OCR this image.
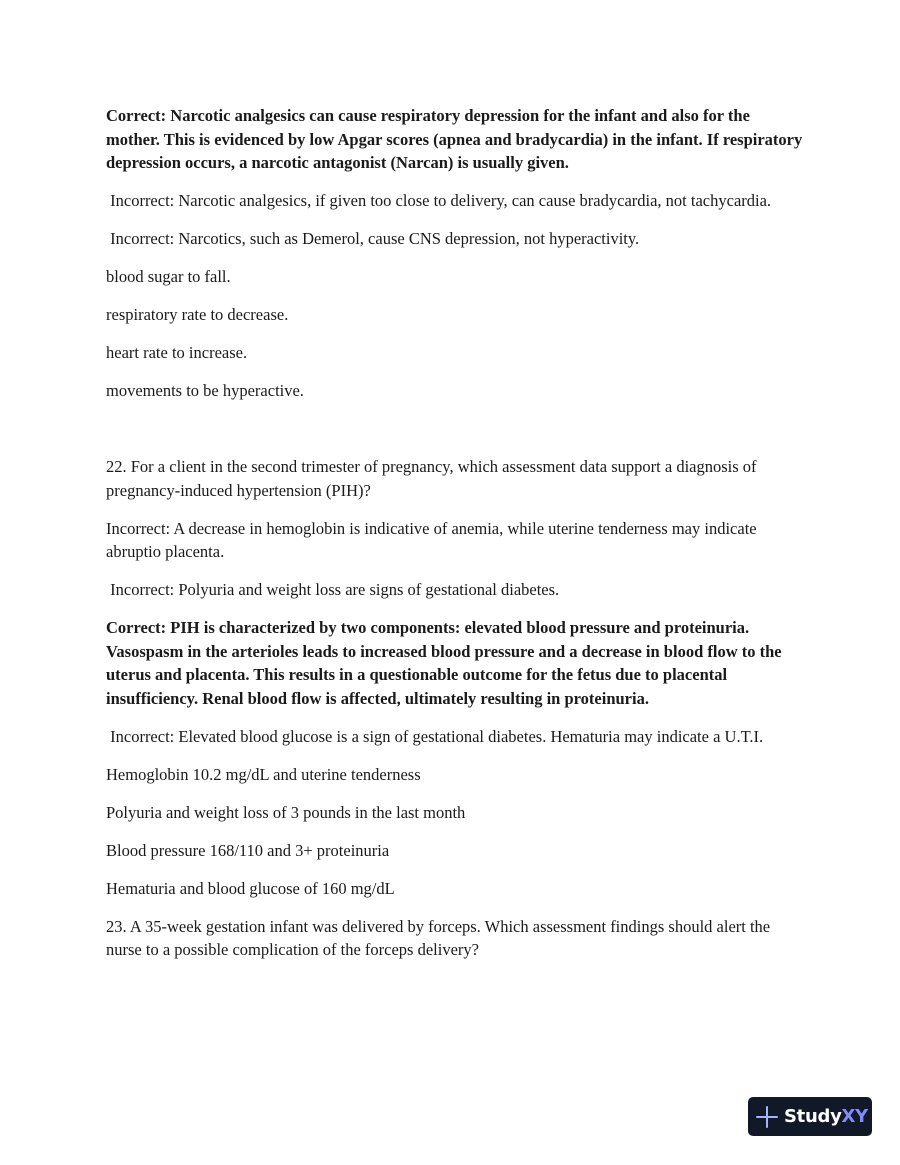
Correct: Narcotic analgesics can cause respiratory depression for the infant and also for the mother. This is evidenced by low Apgar scores (apnea and bradycardia) in the infant. If respiratory depression occurs, a narcotic antagonist (Narcan) is usually given.

Incorrect: Narcotic analgesics, if given too close to delivery, can cause bradycardia, not tachycardia.

Incorrect: Narcotics, such as Demerol, cause CNS depression, not hyperactivity.

blood sugar to fall.

respiratory rate to decrease.

heart rate to increase.

movements to be hyperactive.

22. For a client in the second trimester of pregnancy, which assessment data support a diagnosis of pregnancy-induced hypertension (PIH)?

Incorrect: A decrease in hemoglobin is indicative of anemia, while uterine tenderness may indicate abruptio placenta.

Incorrect: Polyuria and weight loss are signs of gestational diabetes.

Correct: PIH is characterized by two components: elevated blood pressure and proteinuria. Vasospasm in the arterioles leads to increased blood pressure and a decrease in blood flow to the uterus and placenta. This results in a questionable outcome for the fetus due to placental insufficiency. Renal blood flow is affected, ultimately resulting in proteinuria.

Incorrect: Elevated blood glucose is a sign of gestational diabetes. Hematuria may indicate a U.T.I.

Hemoglobin 10.2 mg/dL and uterine tenderness

Polyuria and weight loss of 3 pounds in the last month

Blood pressure 168/110 and 3+ proteinuria

Hematuria and blood glucose of 160 mg/dL

23. A 35-week gestation infant was delivered by forceps. Which assessment findings should alert the nurse to a possible complication of the forceps delivery?

StudyXY
